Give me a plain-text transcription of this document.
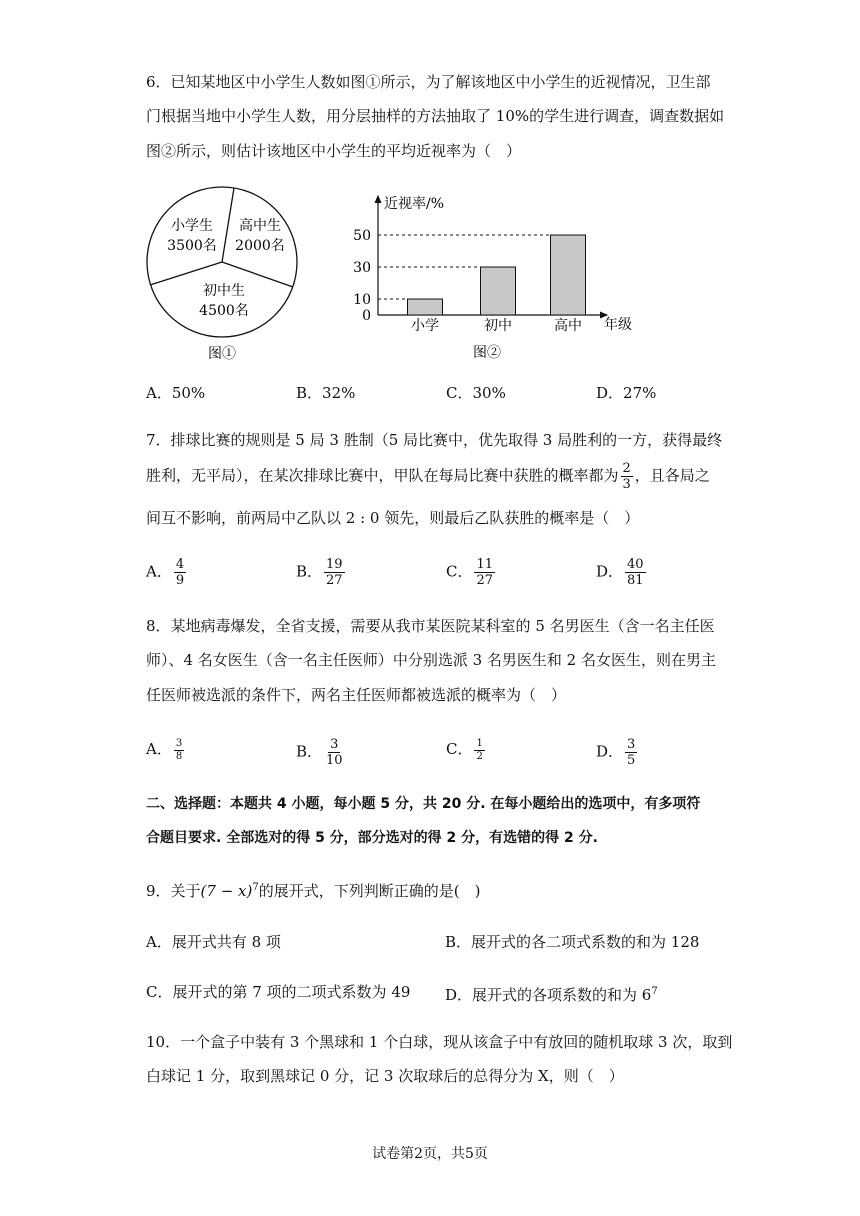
6．已知某地区中小学生人数如图①所示，为了解该地区中小学生的近视情况，卫生部
门根据当地中小学生人数，用分层抽样的方法抽取了 10%的学生进行调查，调查数据如
图②所示，则估计该地区中小学生的平均近视率为（　）
小学生
3500名
高中生
2000名
初中生
4500名
图①
近视率/%
年级
图②
0
10
30
50
小学	初中	高中
A．50%	B．32%	C．30%	D．27%
7．排球比赛的规则是 5 局 3 胜制（5 局比赛中，优先取得 3 局胜利的一方，获得最终
胜利，无平局），在某次排球比赛中，甲队在每局比赛中获胜的概率都为 $\frac{2}{3}$ ，且各局之
间互不影响，前两局中乙队以 2 : 0 领先，则最后乙队获胜的概率是（　）
A． $\frac{4}{9}$	B． $\frac{19}{27}$	C． $\frac{11}{27}$	D． $\frac{40}{81}$
8．某地病毒爆发，全省支援，需要从我市某医院某科室的 5 名男医生（含一名主任医
师）、4 名女医生（含一名主任医师）中分别选派 3 名男医生和 2 名女医生，则在男主
任医师被选派的条件下，两名主任医师都被选派的概率为（　）
A． $\frac{3}{8}$	B． $\frac{3}{10}$	C． $\frac{1}{2}$	D． $\frac{3}{5}$
二、选择题：本题共 4 小题，每小题 5 分，共 20 分. 在每小题给出的选项中，有多项符
合题目要求. 全部选对的得 5 分，部分选对的得 2 分，有选错的得 2 分.
9．关于$(7 - x)^7$的展开式，下列判断正确的是(　)
A．展开式共有 8 项	B．展开式的各二项式系数的和为 128
C．展开式的第 7 项的二项式系数为 49 D．展开式的各项系数的和为 $6^7$
10．一个盒子中装有 3 个黑球和 1 个白球，现从该盒子中有放回的随机取球 3 次，取到
白球记 1 分，取到黑球记 0 分，记 3 次取球后的总得分为 X，则（　）
试卷第2页，共5页
